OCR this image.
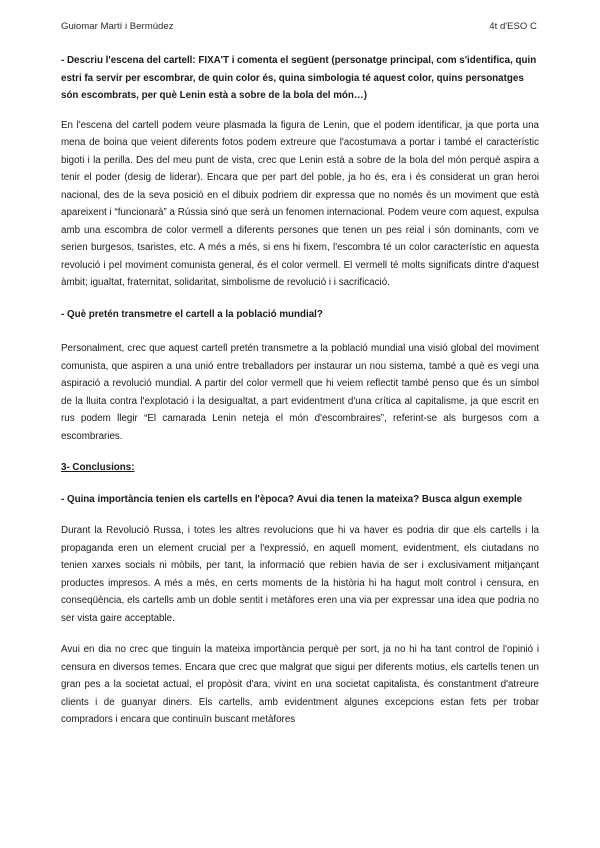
Guiomar Martí i Bermúdez	4t d'ESO C

- Descriu l'escena del cartell: FIXA'T i comenta el següent (personatge principal, com s'identifica, quin estri fa servir per escombrar, de quin color és, quina simbologia té aquest color, quins personatges són escombrats, per què Lenin està a sobre de la bola del món…)

En l'escena del cartell podem veure plasmada la figura de Lenin, que el podem identificar, ja que porta una mena de boina que veient diferents fotos podem extreure que l'acostumava a portar i també el característic bigoti i la perilla. Des del meu punt de vista, crec que Lenin està a sobre de la bola del món perquè aspira a tenir el poder (desig de liderar). Encara que per part del poble, ja ho és, era i és considerat un gran heroi nacional, des de la seva posició en el dibuix podriem dir expressa que no només és un moviment que està apareixent i “funcionarà” a Rússia sinó que serà un fenomen internacional. Podem veure com aquest, expulsa amb una escombra de color vermell a diferents persones que tenen un pes reial i són dominants, com ve serien burgesos, tsaristes, etc. A més a més, si ens hi fixem, l'escombra té un color característic en aquesta revolució i pel moviment comunista general, és el color vermell. El vermell té molts significats dintre d'aquest àmbit; igualtat, fraternitat, solidaritat, simbolisme de revolució i i sacrificació.

- Què pretén transmetre el cartell a la població mundial?

Personalment, crec que aquest cartell pretén transmetre a la població mundial una visió global del moviment comunista, que aspiren a una unió entre treballadors per instaurar un nou sistema, també a què es vegi una aspiració a revolució mundial. A partir del color vermell que hi veiem reflectit també penso que és un símbol de la lluita contra l'explotació i la desigualtat, a part evidentment d'una crítica al capitalisme, ja que escrit en rus podem llegir “El camarada Lenin neteja el món d'escombraires”, referint-se als burgesos com a escombraries.

3- Conclusions:

- Quina importància tenien els cartells en l'època? Avui dia tenen la mateixa? Busca algun exemple

Durant la Revolució Russa, i totes les altres revolucions que hi va haver es podria dir que els cartells i la propaganda eren un element crucial per a l'expressió, en aquell moment, evidentment, els ciutadans no tenien xarxes socials ni mòbils, per tant, la informació que rebien havia de ser i exclusivament mitjançant productes impresos. A més a més, en certs moments de la història hi ha hagut molt control i censura, en conseqüència, els cartells amb un doble sentit i metàfores eren una via per expressar una idea que podria no ser vista gaire acceptable.

Avui en dia no crec que tinguin la mateixa importància perquè per sort, ja no hi ha tant control de l'opinió i censura en diversos temes. Encara que crec que malgrat que sigui per diferents motius, els cartells tenen un gran pes a la societat actual, el propòsit d'ara, vivint en una societat capitalista, és constantment d'atreure clients i de guanyar diners. Els cartells, amb evidentment algunes excepcions estan fets per trobar compradors i encara que continuïn buscant metàfores
